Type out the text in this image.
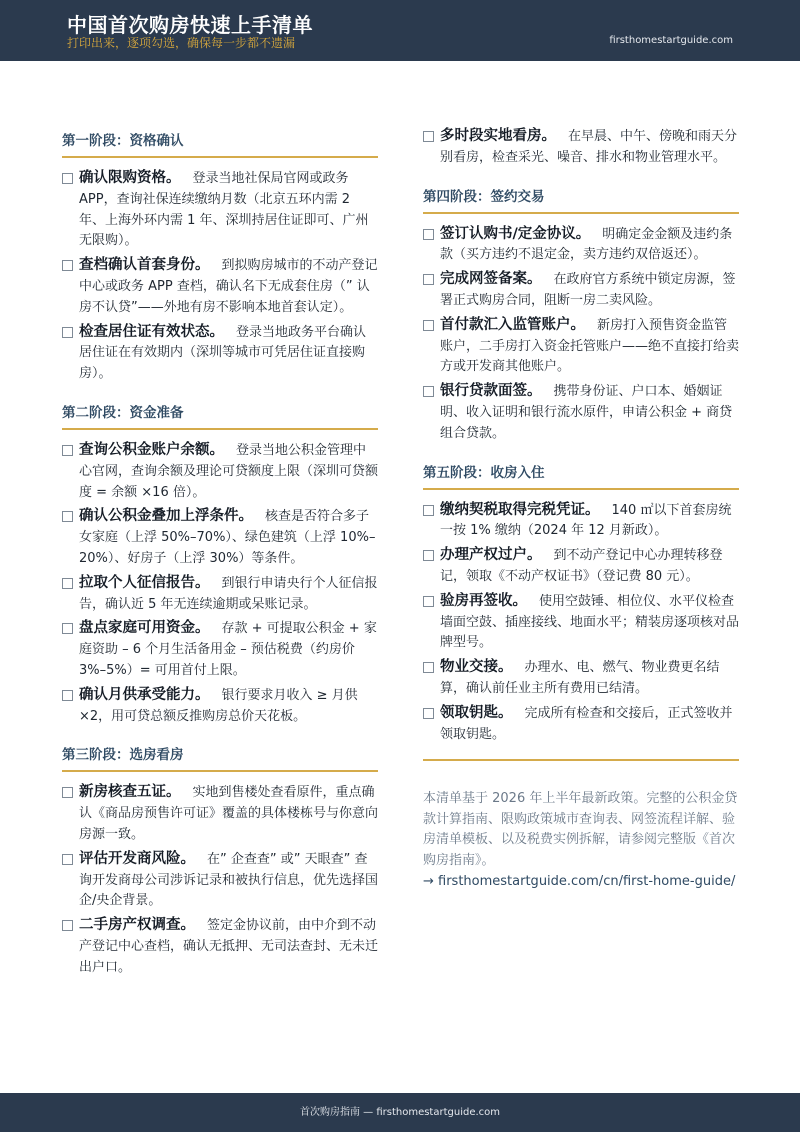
中国首次购房快速上手清单
打印出来，逐项勾选，确保每一步都不遗漏	firsthomestartguide.com
第一阶段：资格确认
确认限购资格。 登录当地社保局官网或政务 APP，查询社保连续缴纳月数（北京五环内需 2 年、上海外环内需 1 年、深圳持居住证即可、广州无限购）。
查档确认首套身份。 到拟购房城市的不动产登记中心或政务 APP 查档，确认名下无成套住房（” 认房不认贷”——外地有房不影响本地首套认定）。
检查居住证有效状态。 登录当地政务平台确认居住证在有效期内（深圳等城市可凭居住证直接购房）。
第二阶段：资金准备
查询公积金账户余额。 登录当地公积金管理中心官网，查询余额及理论可贷额度上限（深圳可贷额度 = 余额 ×16 倍）。
确认公积金叠加上浮条件。 核查是否符合多子女家庭（上浮 50%–70%）、绿色建筑（上浮 10%–20%）、好房子（上浮 30%）等条件。
拉取个人征信报告。 到银行申请央行个人征信报告，确认近 5 年无连续逾期或呆账记录。
盘点家庭可用资金。 存款 + 可提取公积金 + 家庭资助 – 6 个月生活备用金 – 预估税费（约房价 3%–5%）= 可用首付上限。
确认月供承受能力。 银行要求月收入 ≥ 月供 ×2，用可贷总额反推购房总价天花板。
第三阶段：选房看房
新房核查五证。 实地到售楼处查看原件，重点确认《商品房预售许可证》覆盖的具体楼栋号与你意向房源一致。
评估开发商风险。 在” 企查查” 或” 天眼查” 查询开发商母公司涉诉记录和被执行信息，优先选择国企/央企背景。
二手房产权调查。 签定金协议前，由中介到不动产登记中心查档，确认无抵押、无司法查封、无未迁出户口。
多时段实地看房。 在早晨、中午、傍晚和雨天分别看房，检查采光、噪音、排水和物业管理水平。
第四阶段：签约交易
签订认购书/定金协议。 明确定金金额及违约条款（买方违约不退定金，卖方违约双倍返还）。
完成网签备案。 在政府官方系统中锁定房源，签署正式购房合同，阻断一房二卖风险。
首付款汇入监管账户。 新房打入预售资金监管账户，二手房打入资金托管账户——绝不直接打给卖方或开发商其他账户。
银行贷款面签。 携带身份证、户口本、婚姻证明、收入证明和银行流水原件，申请公积金 + 商贷组合贷款。
第五阶段：收房入住
缴纳契税取得完税凭证。 140 ㎡以下首套房统一按 1% 缴纳（2024 年 12 月新政）。
办理产权过户。 到不动产登记中心办理转移登记，领取《不动产权证书》（登记费 80 元）。
验房再签收。 使用空鼓锤、相位仪、水平仪检查墙面空鼓、插座接线、地面水平；精装房逐项核对品牌型号。
物业交接。 办理水、电、燃气、物业费更名结算，确认前任业主所有费用已结清。
领取钥匙。 完成所有检查和交接后，正式签收并领取钥匙。
本清单基于 2026 年上半年最新政策。完整的公积金贷款计算指南、限购政策城市查询表、网签流程详解、验房清单模板、以及税费实例拆解，请参阅完整版《首次购房指南》。
→ firsthomestartguide.com/cn/first-home-guide/
首次购房指南 — firsthomestartguide.com
